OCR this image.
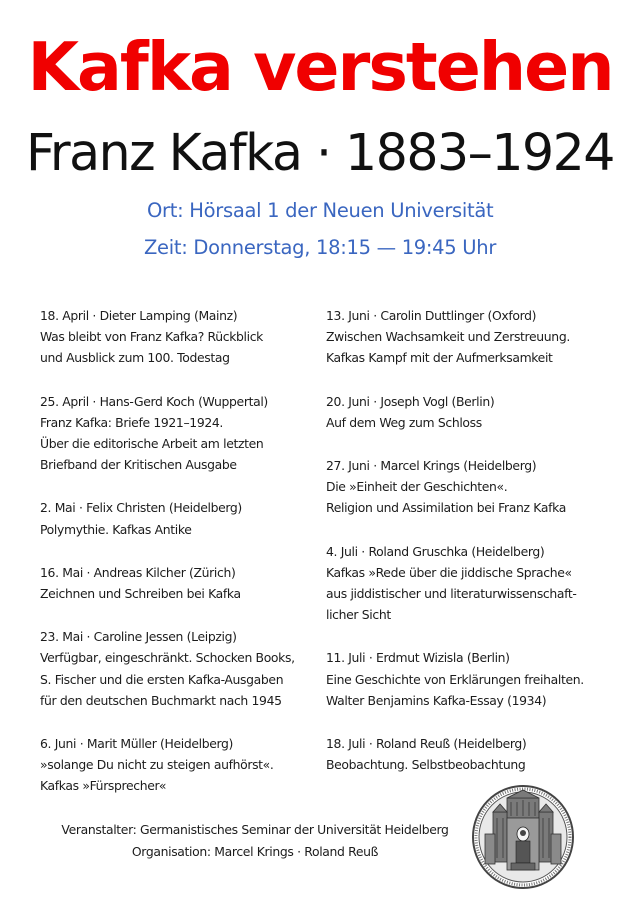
Kafka verstehen
Franz Kafka · 1883–1924
Ort: Hörsaal 1 der Neuen Universität
Zeit: Donnerstag, 18:15 — 19:45 Uhr
18. April · Dieter Lamping (Mainz)
Was bleibt von Franz Kafka? Rückblick
und Ausblick zum 100. Todestag
25. April · Hans-Gerd Koch (Wuppertal)
Franz Kafka: Briefe 1921–1924.
Über die editorische Arbeit am letzten
Briefband der Kritischen Ausgabe
2. Mai · Felix Christen (Heidelberg)
Polymythie. Kafkas Antike
16. Mai · Andreas Kilcher (Zürich)
Zeichnen und Schreiben bei Kafka
23. Mai · Caroline Jessen (Leipzig)
Verfügbar, eingeschränkt. Schocken Books,
S. Fischer und die ersten Kafka-Ausgaben
für den deutschen Buchmarkt nach 1945
6. Juni · Marit Müller (Heidelberg)
»solange Du nicht zu steigen aufhörst«.
Kafkas »Fürsprecher«
13. Juni · Carolin Duttlinger (Oxford)
Zwischen Wachsamkeit und Zerstreuung.
Kafkas Kampf mit der Aufmerksamkeit
20. Juni · Joseph Vogl (Berlin)
Auf dem Weg zum Schloss
27. Juni · Marcel Krings (Heidelberg)
Die »Einheit der Geschichten«.
Religion und Assimilation bei Franz Kafka
4. Juli · Roland Gruschka (Heidelberg)
Kafkas »Rede über die jiddische Sprache«
aus jiddistischer und literaturwissenschaft-
licher Sicht
11. Juli · Erdmut Wizisla (Berlin)
Eine Geschichte von Erklärungen freihalten.
Walter Benjamins Kafka-Essay (1934)
18. Juli · Roland Reuß (Heidelberg)
Beobachtung. Selbstbeobachtung
Veranstalter: Germanistisches Seminar der Universität Heidelberg
Organisation: Marcel Krings · Roland Reuß
